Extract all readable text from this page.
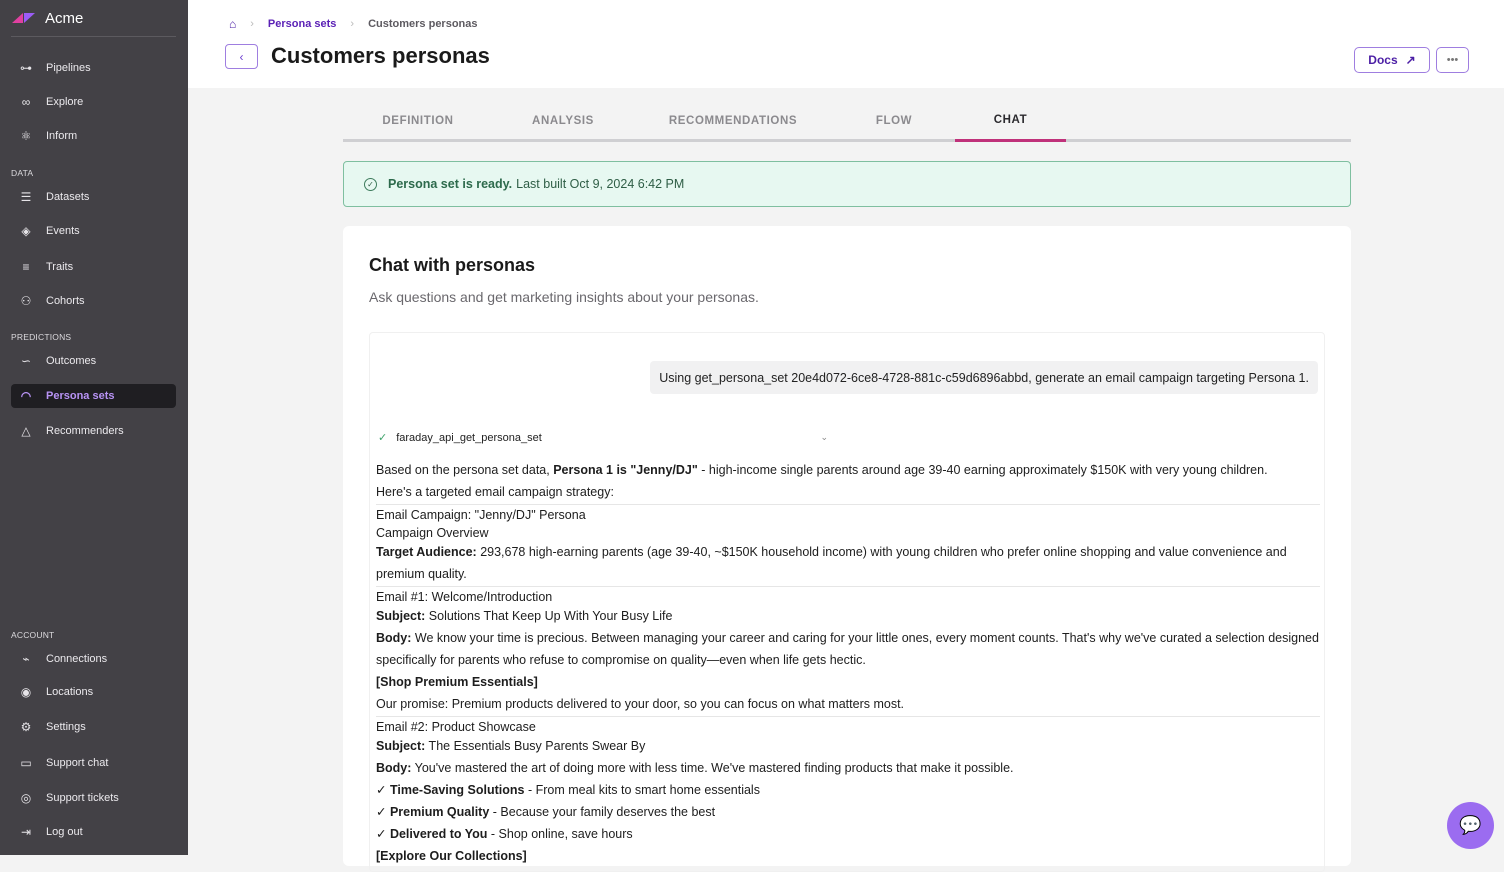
Acme
⊶ Pipelines
∞ Explore
⚛ Inform
☰ Datasets
◈ Events
≡	Traits
⚇ Cohorts
∽ Outcomes
◠ Persona sets
△ Recommenders
⌁	Connections
◉ Locations
⚙ Settings
▭ Support chat
◎ Support tickets
⇥ Log out
DATA
PREDICTIONS
ACCOUNT
⌂ › Persona sets › Customers personas
‹	Customers personas	Docs ↗	•••
DEFINITION	ANALYSIS	RECOMMENDATIONS	FLOW	CHAT
✓ Persona set is ready. Last built Oct 9, 2024 6:42 PM
Chat with personas
Ask questions and get marketing insights about your personas.
Using get_persona_set 20e4d072-6ce8-4728-881c-c59d6896abbd, generate an email campaign targeting Persona 1.
✓ faraday_api_get_persona_set	⌄
Based on the persona set data, Persona 1 is "Jenny/DJ" - high-income single parents around age 39-40 earning approximately $150K with very young children.
Here's a targeted email campaign strategy:
Email Campaign: "Jenny/DJ" Persona
Campaign Overview
Target Audience: 293,678 high-earning parents (age 39-40, ~$150K household income) with young children who prefer online shopping and value convenience and premium quality.
Email #1: Welcome/Introduction
Subject: Solutions That Keep Up With Your Busy Life
Body: We know your time is precious. Between managing your career and caring for your little ones, every moment counts. That's why we've curated a selection designed specifically for parents who refuse to compromise on quality—even when life gets hectic.
[Shop Premium Essentials]
Our promise: Premium products delivered to your door, so you can focus on what matters most.
Email #2: Product Showcase
Subject: The Essentials Busy Parents Swear By
Body: You've mastered the art of doing more with less time. We've mastered finding products that make it possible.
✓ Time-Saving Solutions - From meal kits to smart home essentials
✓ Premium Quality - Because your family deserves the best
✓ Delivered to You - Shop online, save hours
[Explore Our Collections]
💬
